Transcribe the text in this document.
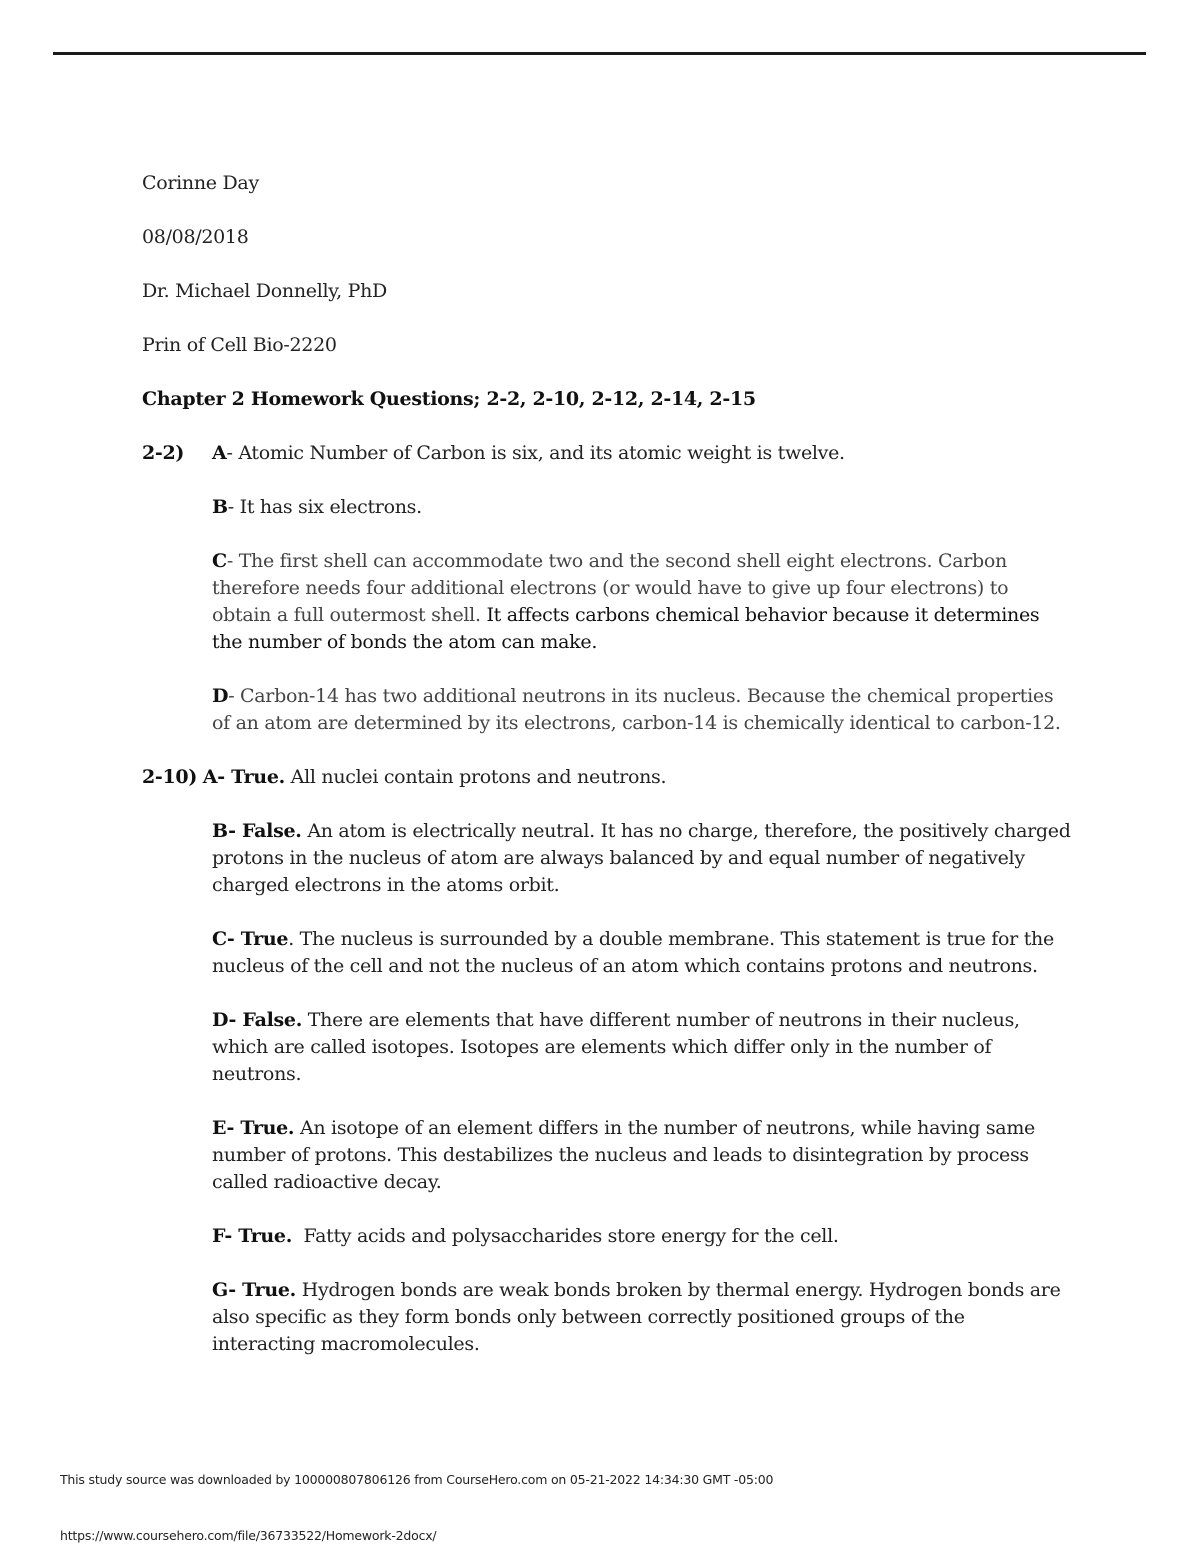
Corinne Day

08/08/2018

Dr. Michael Donnelly, PhD

Prin of Cell Bio-2220

Chapter 2 Homework Questions; 2-2, 2-10, 2-12, 2-14, 2-15

2-2) A- Atomic Number of Carbon is six, and its atomic weight is twelve.

B- It has six electrons.

C- The first shell can accommodate two and the second shell eight electrons. Carbon therefore needs four additional electrons (or would have to give up four electrons) to obtain a full outermost shell. It affects carbons chemical behavior because it determines the number of bonds the atom can make.

D- Carbon-14 has two additional neutrons in its nucleus. Because the chemical properties of an atom are determined by its electrons, carbon-14 is chemically identical to carbon-12.

2-10) A- True. All nuclei contain protons and neutrons.

B- False. An atom is electrically neutral. It has no charge, therefore, the positively charged protons in the nucleus of atom are always balanced by and equal number of negatively charged electrons in the atoms orbit.

C- True. The nucleus is surrounded by a double membrane. This statement is true for the nucleus of the cell and not the nucleus of an atom which contains protons and neutrons.

D- False. There are elements that have different number of neutrons in their nucleus, which are called isotopes. Isotopes are elements which differ only in the number of neutrons.

E- True. An isotope of an element differs in the number of neutrons, while having same number of protons. This destabilizes the nucleus and leads to disintegration by process called radioactive decay.

F- True.  Fatty acids and polysaccharides store energy for the cell.

G- True. Hydrogen bonds are weak bonds broken by thermal energy. Hydrogen bonds are also specific as they form bonds only between correctly positioned groups of the interacting macromolecules.

This study source was downloaded by 100000807806126 from CourseHero.com on 05-21-2022 14:34:30 GMT -05:00
https://www.coursehero.com/file/36733522/Homework-2docx/
